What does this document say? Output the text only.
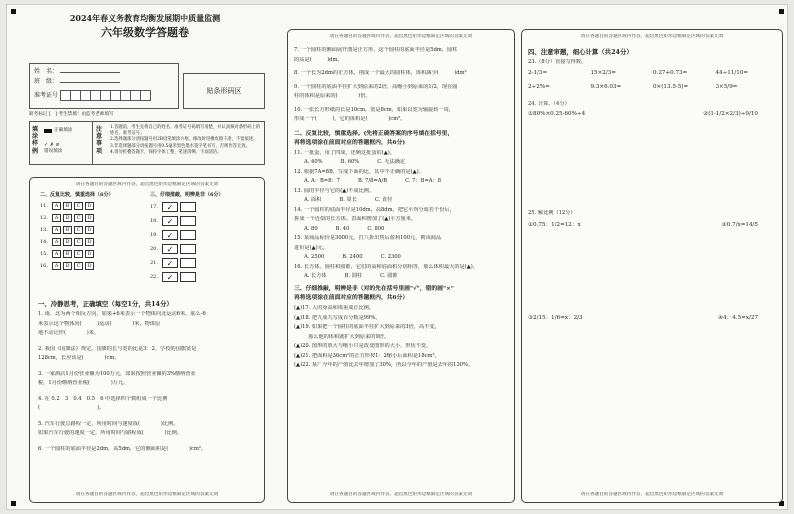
2024年春义务教育均衡发展期中质量监测
六年级数学答题卷
姓　名：
班　级：
准考证号
贴条形码区
缺考标记 [　] 考生禁填！由监考老师填写
填涂样例
正确填涂
✓ ✗ ⊘
错误填涂
注意事项
1.答题前，考生先将自己的姓名、准考证号码填写清楚，并认真核对条形码上的姓名、准考证号。
2.选择题部分请按题号用2B铅笔填涂方框，修改时用橡皮擦干净，不留痕迹。
3.非选择题部分请按题号用0.5毫米黑色墨水签字笔书写，否则作答无效。
4.请勿折叠答题卡，保持字体工整、笔迹清晰、卡面清洁。
请在各题目的答题区域内作答，超出黑色矩形边框限定区域的答案无效
二、反复比较，慎重选择（6分）
11.	A	B	C	D
12.	A	B	C	D
13.	A	B	C	D
14.	A	B	C	D
15.	A	B	C	D
16.	A	B	C	D
三、仔细推敲，明辨是非（6分）
17.	✓
18.	✓
19.	✓
20.	✓
21.	✓
22.	✓
一、冷静思考，正确填空（每空1分，共14分）
1. 南、北为两个相反方向，如果+6米表示一个物体向北运动6米，那么-6
米表示这个物体向(　　　)运动(　　　　)米，物体原
地不动记作(　　　　)米。
2. 我国《国旗法》规定，国旗的长与宽的比是3：2，学校的国旗宽是
128cm，长应该是(　　　　)cm。
3. 一家酒店1月份营业额为100万元，如果按照营业额的3%缴纳营业
税，1月份缴纳营业税(　　　　)万元。
4. 在 0.2　3　0.4　0.5　6 中选择四个数组成一个比例
(　　　　　　　　　　　)。
5. 汽车行驶总路程一定，所用时间与速度成(　　　　)比例。
如果汽车行驶的速度一定，所用时间与路程成(　　　　)比例。
6. 一个圆柱的底面半径是2dm，高5dm，它的侧面积是(　　　　)cm²。
请在各题目的答题区域内作答，超出黑色矩形边框限定区域的答案无效
请在各题目的答题区域内作答，超出黑色矩形边框限定区域的答案无效
7. 一个圆柱的侧面展开图是正方形，这个圆柱的底面半径是5dm，圆柱
的高是(　　　)dm。
8. 一个长为2dm的正方体，削成一个最大的圆柱体，体积减少(　　　)dm³
9. 一个圆柱的底面半径扩大到原来的2倍，高缩小到原来的1/2，现在圆
柱的体积是原来的(　　　　)倍。
10. 一张长方形纸的长是10cm，宽是8cm，如果以宽为轴旋转一周，
形成一个(　　　)，它的体积是(　　　　)cm³。
二、反复比较，慎重选择。(先将正确答案的序号填在括号里，
再将选项涂在前面对应的答题框内，共6分)
11. 一批蛋，用了四成，还剩这批蛋的(▲)。
A. 40%	B. 60%	C. 无法确定
12. 根据7A=8B，写成下面的比，其中不正确的是(▲)。
A. A：B=8：7	B. 7/8=A/B	C. 7：B=A：8
13. 圆的半径与它的(▲)不成比例。
A. 面积	B. 周长	C. 直径
14. 一个圆柱的底面半径是10dm，高8dm，把它平均分成若干份后，
拼成一个近似的长方体。表面积增加了(▲)平方厘米。
A. 80	B. 40	C. 800
15. 某商品标价是3000元，打八折出售后盈利100元，则该商品
进价是(▲)元。
A. 2500	B. 2400	C. 2300
16. 长方体、圆柱和圆锥，它们的高和底面积分别相等，那么体积最大的是(▲)。
A. 长方体	B. 圆柱	C. 圆锥
三、仔细推敲，明辨是非（对的先在括号里画"√"，错的画"×"
再将选项涂在前面对应的答题框内，共6分）
(▲)17. 人的身高和体重成正比例。
(▲)18. 把九成九写成百分数是99%。
(▲)19. 如果把一个圆柱的底面半径扩大到原来的3倍，高不变，
那么他的体积就扩大到原来的9倍。
(▲)20. 图形的放大与缩小只是改变图形的大小，形状不变。
(▲)21. 把面积是36cm²的正方形按1：2缩小后面积是18cm²。
(▲)22. 某厂今年的产值比去年增加了30%，所以今年的产值是去年的130%。
请在各题目的答题区域内作答，超出黑色矩形边框限定区域的答案无效
请在各题目的答题区域内作答，超出黑色矩形边框限定区域的答案无效
四、注意审题，细心计算（共24分）
23.（8分）直接写得数。
2-1/3=	15×2/3=	0.27+0.73=	44÷11/10=
2÷2%=	9.3×6.03=	0×(13.5-5)=	3×5/9=
24. 计算。（4分）
①80%×0.25-60%÷4	②(1-1/2×2/3)÷9/10
25. 解比例（12分）
①0.75：1/2=12：x	②0.7/x=14/5
③2/15：1/6=x：2/3	④4：4.5=x/27
请在各题目的答题区域内作答，超出黑色矩形边框限定区域的答案无效
